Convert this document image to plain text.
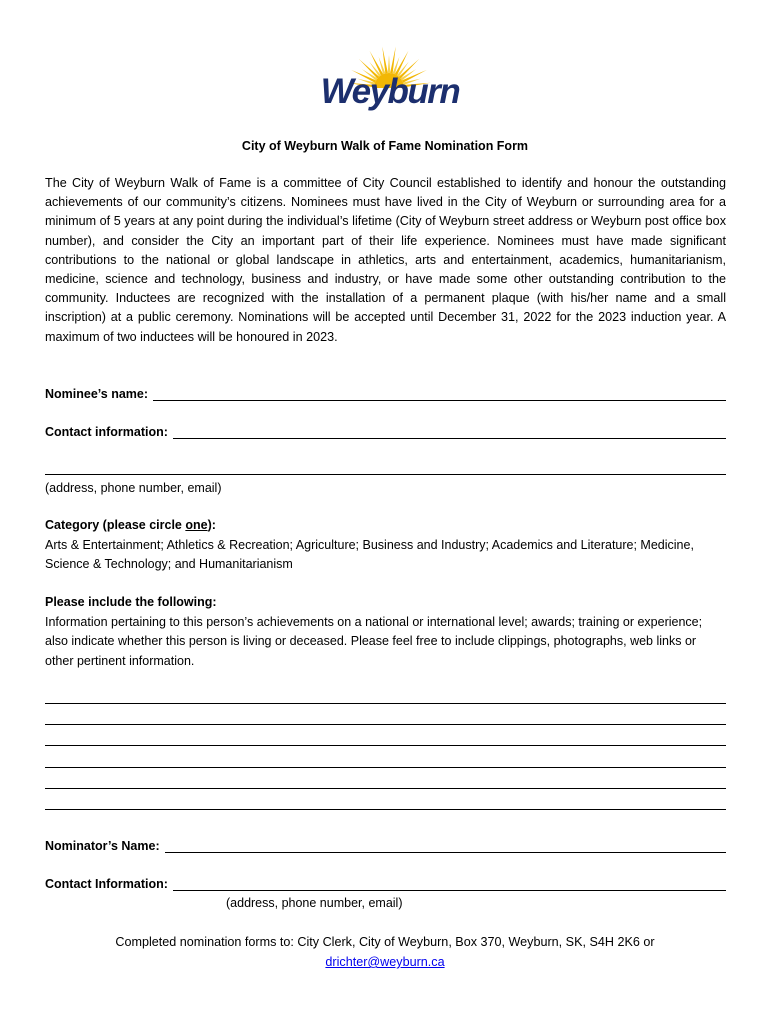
Weyburn
City of Weyburn Walk of Fame Nomination Form
The City of Weyburn Walk of Fame is a committee of City Council established to identify and honour the outstanding achievements of our community’s citizens. Nominees must have lived in the City of Weyburn or surrounding area for a minimum of 5 years at any point during the individual’s lifetime (City of Weyburn street address or Weyburn post office box number), and consider the City an important part of their life experience. Nominees must have made significant contributions to the national or global landscape in athletics, arts and entertainment, academics, humanitarianism, medicine, science and technology, business and industry, or have made some other outstanding contribution to the community. Inductees are recognized with the installation of a permanent plaque (with his/her name and a small inscription) at a public ceremony. Nominations will be accepted until December 31, 2022 for the 2023 induction year. A maximum of two inductees will be honoured in 2023.
Nominee’s name:
Contact information:
(address, phone number, email)
Category (please circle one):
Arts & Entertainment; Athletics & Recreation; Agriculture; Business and Industry; Academics and Literature; Medicine, Science & Technology; and Humanitarianism
Please include the following:
Information pertaining to this person’s achievements on a national or international level; awards; training or experience; also indicate whether this person is living or deceased. Please feel free to include clippings, photographs, web links or other pertinent information.
Nominator’s Name:
Contact Information:
(address, phone number, email)
Completed nomination forms to: City Clerk, City of Weyburn, Box 370, Weyburn, SK, S4H 2K6 or
drichter@weyburn.ca
